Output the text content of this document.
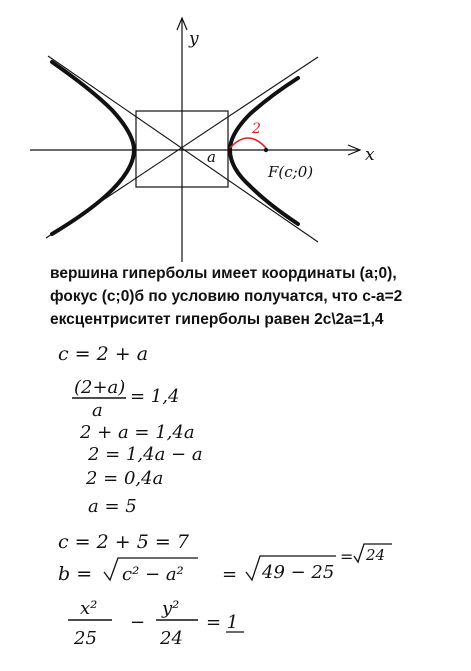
x
y
a
2
F(c;0)
c = 2 + a
(2+a)
a
= 1,4
2 + a = 1,4a
2 = 1,4a − a
2 = 0,4a
a = 5
c = 2 + 5 = 7
b = c² − a² = 49 − 25
= 24
x²
25
−
y²
24
= 1
вершина гиперболы имеет координаты (a;0),
фокус (c;0)б по условию получатся, что c-a=2
ексцентриситет гиперболы равен 2c\2a=1,4
